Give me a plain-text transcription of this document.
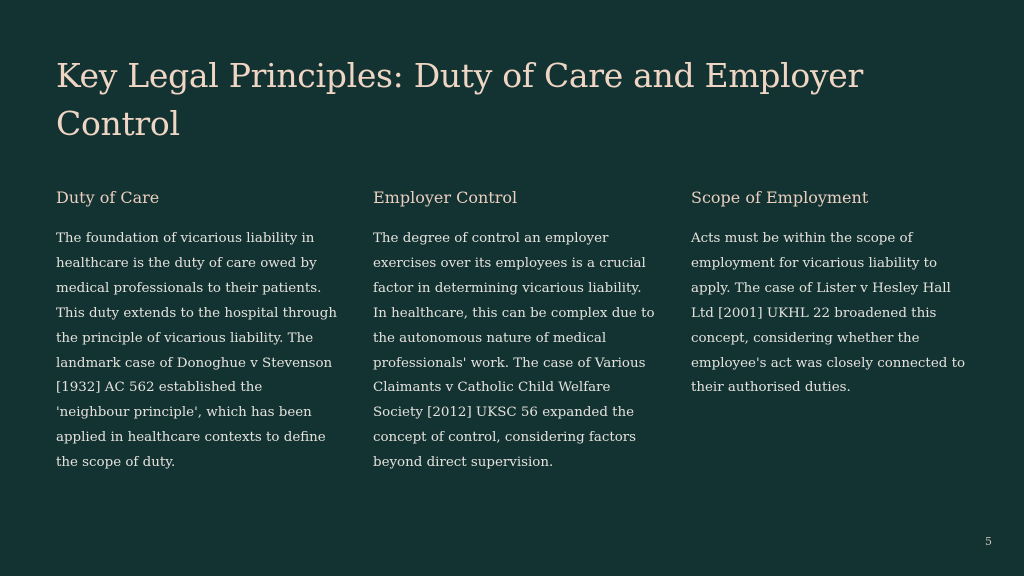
Key Legal Principles: Duty of Care and Employer Control
Duty of Care

The foundation of vicarious liability in healthcare is the duty of care owed by medical professionals to their patients. This duty extends to the hospital through the principle of vicarious liability. The landmark case of Donoghue v Stevenson [1932] AC 562 established the 'neighbour principle', which has been applied in healthcare contexts to define the scope of duty.

Employer Control

The degree of control an employer exercises over its employees is a crucial factor in determining vicarious liability. In healthcare, this can be complex due to the autonomous nature of medical professionals' work. The case of Various Claimants v Catholic Child Welfare Society [2012] UKSC 56 expanded the concept of control, considering factors beyond direct supervision.

Scope of Employment

Acts must be within the scope of employment for vicarious liability to apply. The case of Lister v Hesley Hall Ltd [2001] UKHL 22 broadened this concept, considering whether the employee's act was closely connected to their authorised duties.

5
